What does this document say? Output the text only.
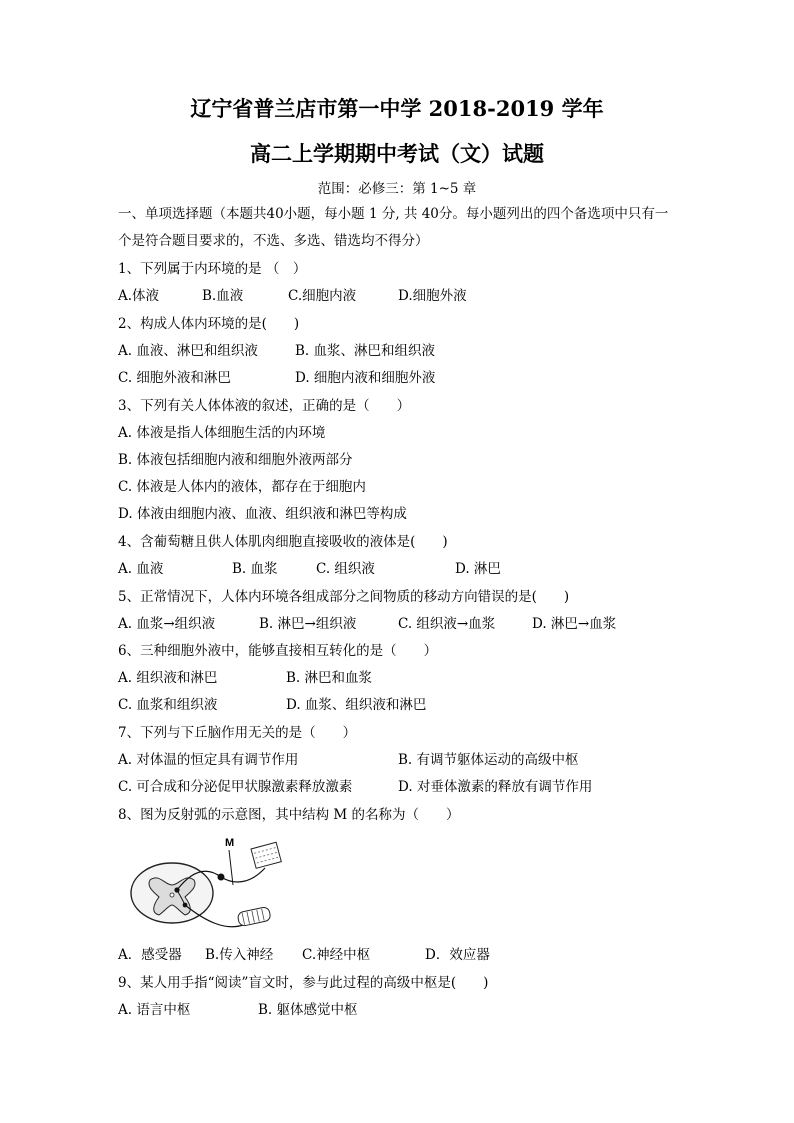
辽宁省普兰店市第一中学 2018-2019 学年
高二上学期期中考试（文）试题
范围：必修三：第 1~5 章
一、单项选择题（本题共40小题，每小题 1 分, 共 40分。每小题列出的四个备选项中只有一
个是符合题目要求的，不选、多选、错选均不得分）
1、下列属于内环境的是 （　）
A.体液	B.血液	C.细胞内液	D.细胞外液
2、构成人体内环境的是(　　)
A. 血液、淋巴和组织液	B. 血浆、淋巴和组织液
C. 细胞外液和淋巴	D. 细胞内液和细胞外液
3、下列有关人体体液的叙述，正确的是（　　）
A. 体液是指人体细胞生活的内环境
B. 体液包括细胞内液和细胞外液两部分
C. 体液是人体内的液体，都存在于细胞内
D. 体液由细胞内液、血液、组织液和淋巴等构成
4、含葡萄糖且供人体肌肉细胞直接吸收的液体是(　　)
A. 血液	B. 血浆	C. 组织液	D. 淋巴
5、正常情况下，人体内环境各组成部分之间物质的移动方向错误的是(　　)
A. 血浆→组织液	B. 淋巴→组织液	C. 组织液→血浆	D. 淋巴→血浆
6、三种细胞外液中，能够直接相互转化的是（　　）
A. 组织液和淋巴	B. 淋巴和血浆
C. 血浆和组织液	D. 血浆、组织液和淋巴
7、下列与下丘脑作用无关的是（　　）
A. 对体温的恒定具有调节作用	B. 有调节躯体运动的高级中枢
C. 可合成和分泌促甲状腺激素释放激素	D. 对垂体激素的释放有调节作用
8、图为反射弧的示意图，其中结构 M 的名称为（　　）
M
A．感受器 B.传入神经 C.神经中枢	D．效应器
9、某人用手指“阅读”盲文时，参与此过程的高级中枢是(　　)
A. 语言中枢	B. 躯体感觉中枢
